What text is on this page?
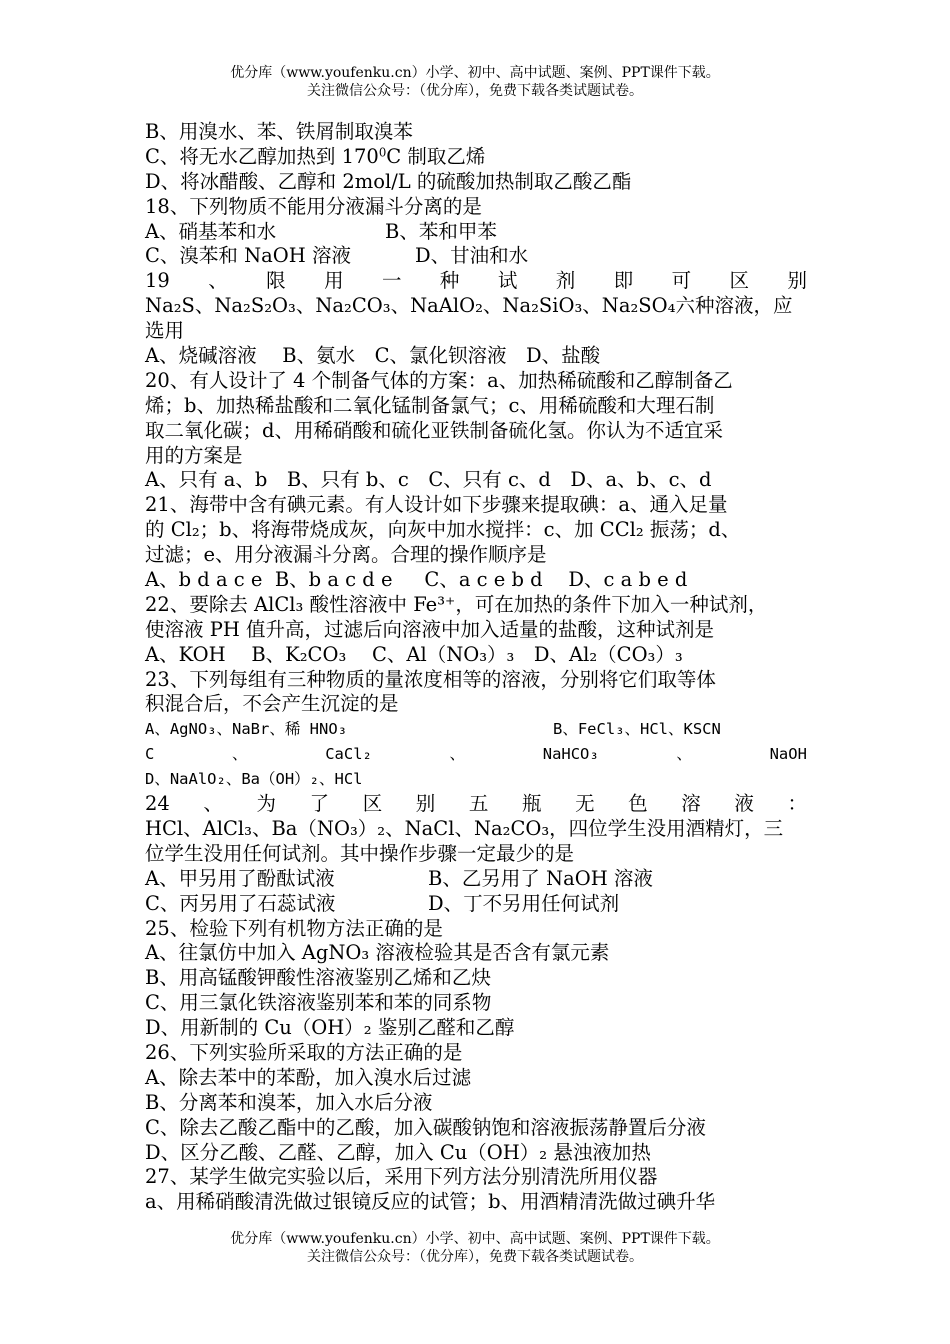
优分库（www.youfenku.cn）小学、初中、高中试题、案例、PPT课件下载。
关注微信公众号：（优分库），免费下载各类试题试卷。
B、用溴水、苯、铁屑制取溴苯
C、将无水乙醇加热到 $170^0C$ 制取乙烯
D、将冰醋酸、乙醇和 2mol/L 的硫酸加热制取乙酸乙酯
18、下列物质不能用分液漏斗分离的是
A、硝基苯和水	B、苯和甲苯
C、溴苯和 NaOH 溶液	D、甘油和水
19 、 限 用 一 种 试 剂 即 可 区 别
Na₂S、Na₂S₂O₃、Na₂CO₃、NaAlO₂、Na₂SiO₃、Na₂SO₄六种溶液，应
选用
A、烧碱溶液　 B、氨水　C、氯化钡溶液　D、盐酸
20、有人设计了 4 个制备气体的方案：a、加热稀硫酸和乙醇制备乙
烯；b、加热稀盐酸和二氧化锰制备氯气；c、用稀硫酸和大理石制
取二氧化碳；d、用稀硝酸和硫化亚铁制备硫化氢。你认为不适宜采
用的方案是
A、只有 a、b　B、只有 b、c　C、只有 c、d　D、a、b、c、d
21、海带中含有碘元素。有人设计如下步骤来提取碘：a、通入足量
的 Cl₂；b、将海带烧成灰，向灰中加水搅拌：c、加 CCl₂ 振荡；d、
过滤；e、用分液漏斗分离。合理的操作顺序是
A、b d a c e  B、b a c d e 　 C、a c e b d　 D、c a b e d
22、要除去 AlCl₃ 酸性溶液中 Fe³⁺，可在加热的条件下加入一种试剂，
使溶液 PH 值升高，过滤后向溶液中加入适量的盐酸，这种试剂是
A、KOH　 B、K₂CO₃　 C、Al（NO₃）₃　D、Al₂（CO₃）₃
23、下列每组有三种物质的量浓度相等的溶液，分别将它们取等体
积混合后，不会产生沉淀的是
A、AgNO₃、NaBr、稀 HNO₃	B、FeCl₃、HCl、KSCN
C	、	CaCl₂	、	NaHCO₃	、	NaOH
D、NaAlO₂、Ba（OH）₂、HCl
24 、 为 了 区 别 五 瓶 无 色 溶 液 ：
HCl、AlCl₃、Ba（NO₃）₂、NaCl、Na₂CO₃，四位学生没用酒精灯，三
位学生没用任何试剂。其中操作步骤一定最少的是
A、甲另用了酚酞试液	B、乙另用了 NaOH 溶液
C、丙另用了石蕊试液	D、丁不另用任何试剂
25、检验下列有机物方法正确的是
A、往氯仿中加入 AgNO₃ 溶液检验其是否含有氯元素
B、用高锰酸钾酸性溶液鉴别乙烯和乙炔
C、用三氯化铁溶液鉴别苯和苯的同系物
D、用新制的 Cu（OH）₂ 鉴别乙醛和乙醇
26、下列实验所采取的方法正确的是
A、除去苯中的苯酚，加入溴水后过滤
B、分离苯和溴苯，加入水后分液
C、除去乙酸乙酯中的乙酸，加入碳酸钠饱和溶液振荡静置后分液
D、区分乙酸、乙醛、乙醇，加入 Cu（OH）₂ 悬浊液加热
27、某学生做完实验以后，采用下列方法分别清洗所用仪器
a、用稀硝酸清洗做过银镜反应的试管；b、用酒精清洗做过碘升华
优分库（www.youfenku.cn）小学、初中、高中试题、案例、PPT课件下载。
关注微信公众号：（优分库），免费下载各类试题试卷。
